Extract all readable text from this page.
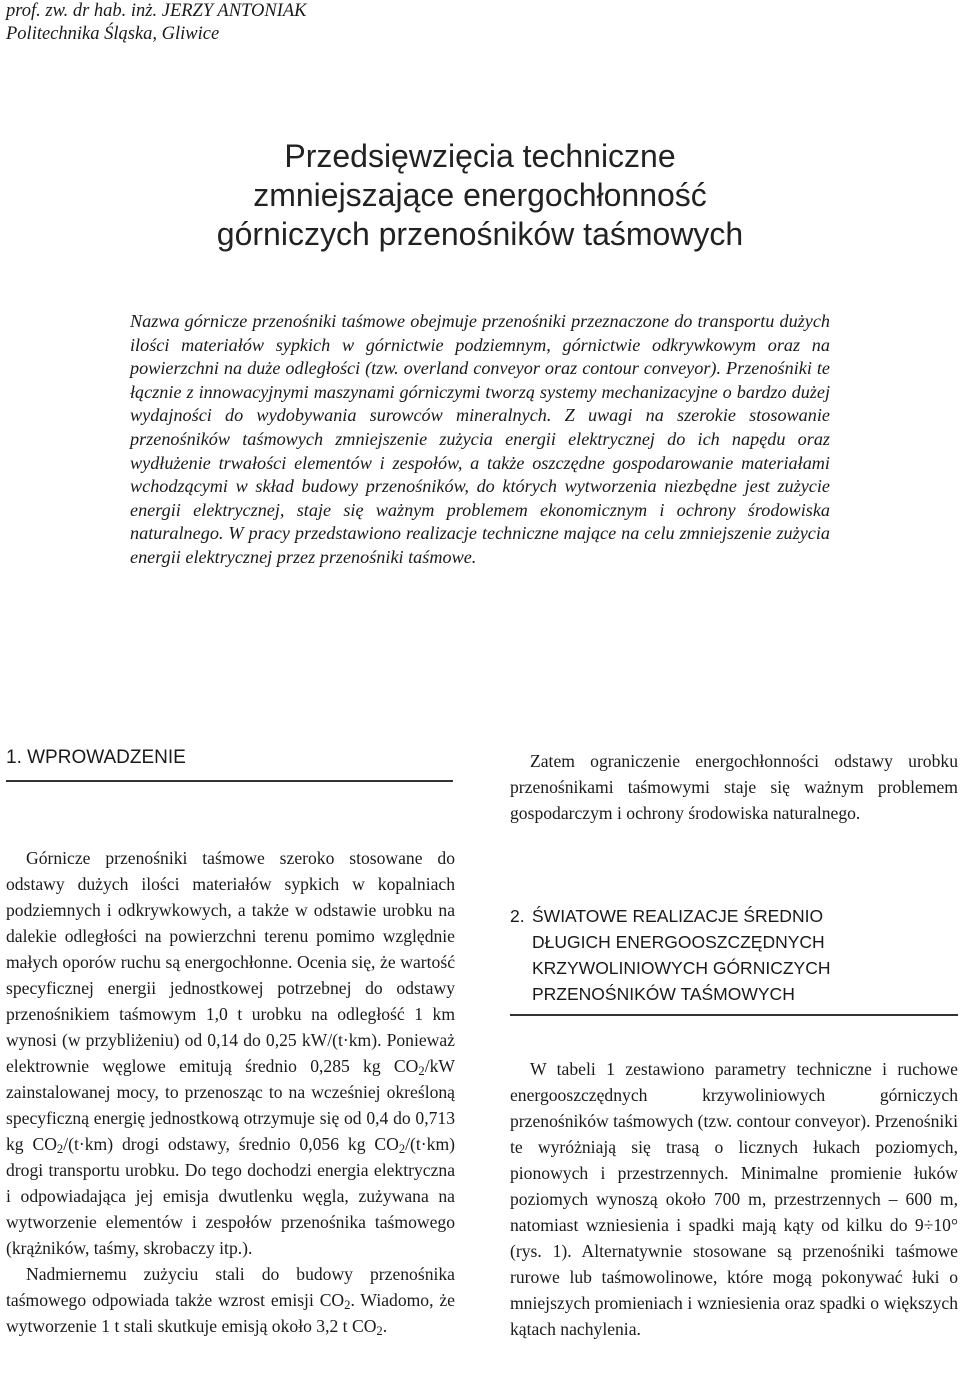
prof. zw. dr hab. inż. JERZY ANTONIAK
Politechnika Śląska, Gliwice
Przedsięwzięcia techniczne
zmniejszające energochłonność
górniczych przenośników taśmowych

Nazwa górnicze przenośniki taśmowe obejmuje przenośniki przeznaczone do transportu dużych ilości materiałów sypkich w górnictwie podziemnym, górnictwie odkrywkowym oraz na powierzchni na duże odległości (tzw. overland conveyor oraz contour conveyor). Przenośniki te łącznie z innowacyjnymi maszynami górniczymi tworzą systemy mechanizacyjne o bardzo dużej wydajności do wydobywania surowców mineralnych. Z uwagi na szerokie stosowanie przenośników taśmowych zmniejszenie zużycia energii elektrycznej do ich napędu oraz wydłużenie trwałości elementów i zespołów, a także oszczędne gospodarowanie materiałami wchodzącymi w skład budowy przenośników, do których wytworzenia niezbędne jest zużycie energii elektrycznej, staje się ważnym problemem ekonomicznym i ochrony środowiska naturalnego. W pracy przedstawiono realizacje techniczne mające na celu zmniejszenie zużycia energii elektrycznej przez przenośniki taśmowe.

1. WPROWADZENIE

Górnicze przenośniki taśmowe szeroko stosowane do odstawy dużych ilości materiałów sypkich w kopalniach podziemnych i odkrywkowych, a także w odstawie urobku na dalekie odległości na powierzchni terenu pomimo względnie małych oporów ruchu są energochłonne. Ocenia się, że wartość specyficznej energii jednostkowej potrzebnej do odstawy przenośnikiem taśmowym 1,0 t urobku na odległość 1 km wynosi (w przybliżeniu) od 0,14 do 0,25 kW/(t·km). Ponieważ elektrownie węglowe emitują średnio 0,285 kg $CO_2/kW$ zainstalowanej mocy, to przenosząc to na wcześniej określoną specyficzną energię jednostkową otrzymuje się od 0,4 do 0,713 kg $CO_2/(t\cdot km)$ drogi odstawy, średnio 0,056 kg $CO_2/(t\cdot km)$ drogi transportu urobku. Do tego dochodzi energia elektryczna i odpowiadająca jej emisja dwutlenku węgla, zużywana na wytworzenie elementów i zespołów przenośnika taśmowego (krążników, taśmy, skrobaczy itp.).

Nadmiernemu zużyciu stali do budowy przenośnika taśmowego odpowiada także wzrost emisji $CO_2$. Wiadomo, że wytworzenie 1 t stali skutkuje emisją około 3,2 t $CO_2$.

Zatem ograniczenie energochłonności odstawy urobku przenośnikami taśmowymi staje się ważnym problemem gospodarczym i ochrony środowiska naturalnego.

2. ŚWIATOWE REALIZACJE ŚREDNIO
DŁUGICH ENERGOOSZCZĘDNYCH
KRZYWOLINIOWYCH GÓRNICZYCH
PRZENOŚNIKÓW TAŚMOWYCH

W tabeli 1 zestawiono parametry techniczne i ruchowe energooszczędnych krzywoliniowych górniczych przenośników taśmowych (tzw. contour conveyor). Przenośniki te wyróżniają się trasą o licznych łukach poziomych, pionowych i przestrzennych. Minimalne promienie łuków poziomych wynoszą około 700 m, przestrzennych – 600 m, natomiast wzniesienia i spadki mają kąty od kilku do 9÷10° (rys. 1). Alternatywnie stosowane są przenośniki taśmowe rurowe lub taśmowolinowe, które mogą pokonywać łuki o mniejszych promieniach i wzniesienia oraz spadki o większych kątach nachylenia.
